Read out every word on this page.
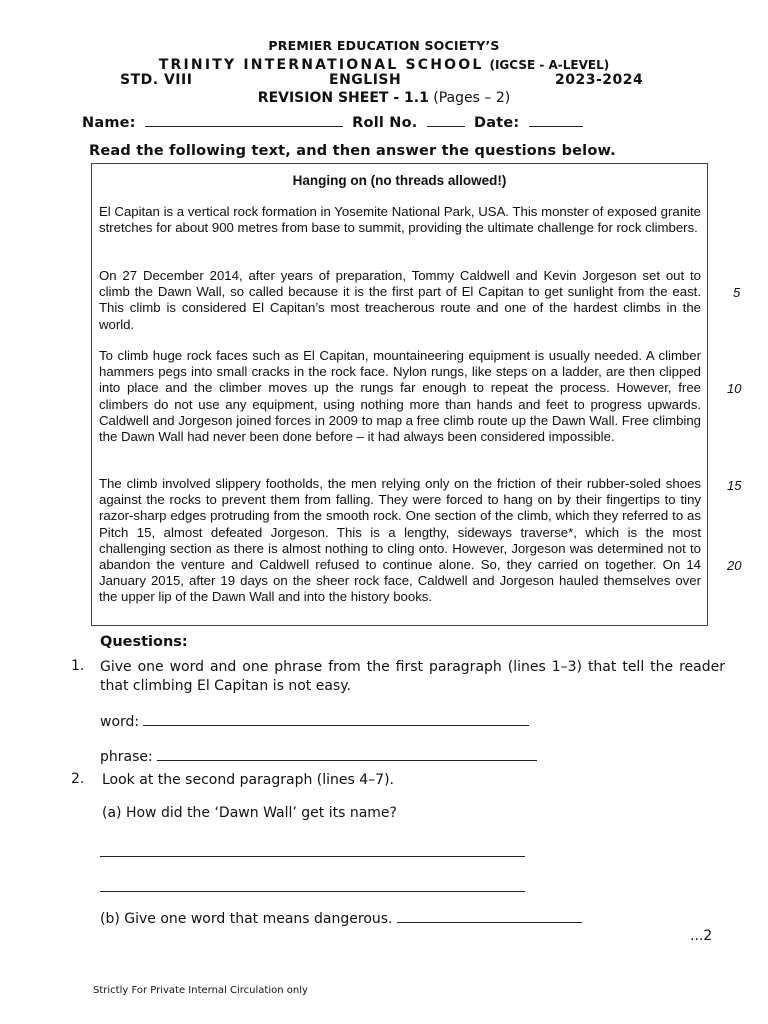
PREMIER EDUCATION SOCIETY’S
TRINITY INTERNATIONAL SCHOOL (IGCSE - A-LEVEL)
STD. VIII	ENGLISH	2023-2024
REVISION SHEET - 1.1 (Pages – 2)
Name:	Roll No.	Date:
Read the following text, and then answer the questions below.
Hanging on (no threads allowed!)

El Capitan is a vertical rock formation in Yosemite National Park, USA. This monster of exposed granite stretches for about 900 metres from base to summit, providing the ultimate challenge for rock climbers.

On 27 December 2014, after years of preparation, Tommy Caldwell and Kevin Jorgeson set out to climb the Dawn Wall, so called because it is the first part of El Capitan to get sunlight from the east. This climb is considered El Capitan’s most treacherous route and one of the hardest climbs in the world.

To climb huge rock faces such as El Capitan, mountaineering equipment is usually needed. A climber hammers pegs into small cracks in the rock face. Nylon rungs, like steps on a ladder, are then clipped into place and the climber moves up the rungs far enough to repeat the process. However, free climbers do not use any equipment, using nothing more than hands and feet to progress upwards. Caldwell and Jorgeson joined forces in 2009 to map a free climb route up the Dawn Wall. Free climbing the Dawn Wall had never been done before – it had always been considered impossible.

The climb involved slippery footholds, the men relying only on the friction of their rubber-soled shoes against the rocks to prevent them from falling. They were forced to hang on by their fingertips to tiny razor-sharp edges protruding from the smooth rock. One section of the climb, which they referred to as Pitch 15, almost defeated Jorgeson. This is a lengthy, sideways traverse*, which is the most challenging section as there is almost nothing to cling onto. However, Jorgeson was determined not to abandon the venture and Caldwell refused to continue alone. So, they carried on together. On 14 January 2015, after 19 days on the sheer rock face, Caldwell and Jorgeson hauled themselves over the upper lip of the Dawn Wall and into the history books.

5
10
15
20
Questions:
1. Give one word and one phrase from the first paragraph (lines 1–3) that tell the reader that climbing El Capitan is not easy.
word:
phrase:
2. Look at the second paragraph (lines 4–7).
(a) How did the ‘Dawn Wall’ get its name?
(b) Give one word that means dangerous.
...2
Strictly For Private Internal Circulation only
